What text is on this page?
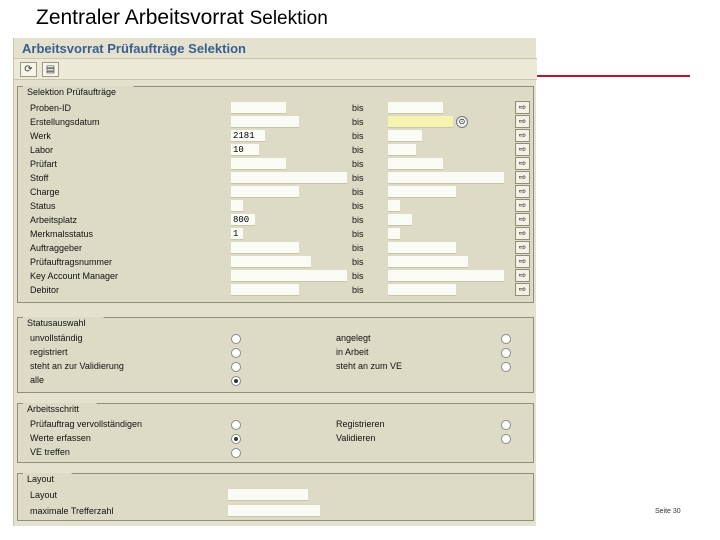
Zentraler Arbeitsvorrat Selektion
Seite 30
Arbeitsvorrat Prüfaufträge Selektion
⟳	▤
Selektion Prüfaufträge
Proben-ID	bis	⇨
Erstellungsdatum	bis	⊙	⇨
Werk	2181	bis	⇨
Labor	10	bis	⇨
Prüfart	bis	⇨
Stoff	bis	⇨
Charge	bis	⇨
Status	bis	⇨
Arbeitsplatz	800	bis	⇨
Merkmalsstatus	1	bis	⇨
Auftraggeber	bis	⇨
Prüfauftragsnummer	bis	⇨
Key Account Manager	bis	⇨
Debitor	bis	⇨
Statusauswahl
unvollständig	angelegt
registriert	in Arbeit
steht an zur Validierung	steht an zum VE
alle
Arbeitsschritt
Prüfauftrag vervollständigen	Registrieren
Werte erfassen	Validieren
VE treffen
Layout
Layout
maximale Trefferzahl
